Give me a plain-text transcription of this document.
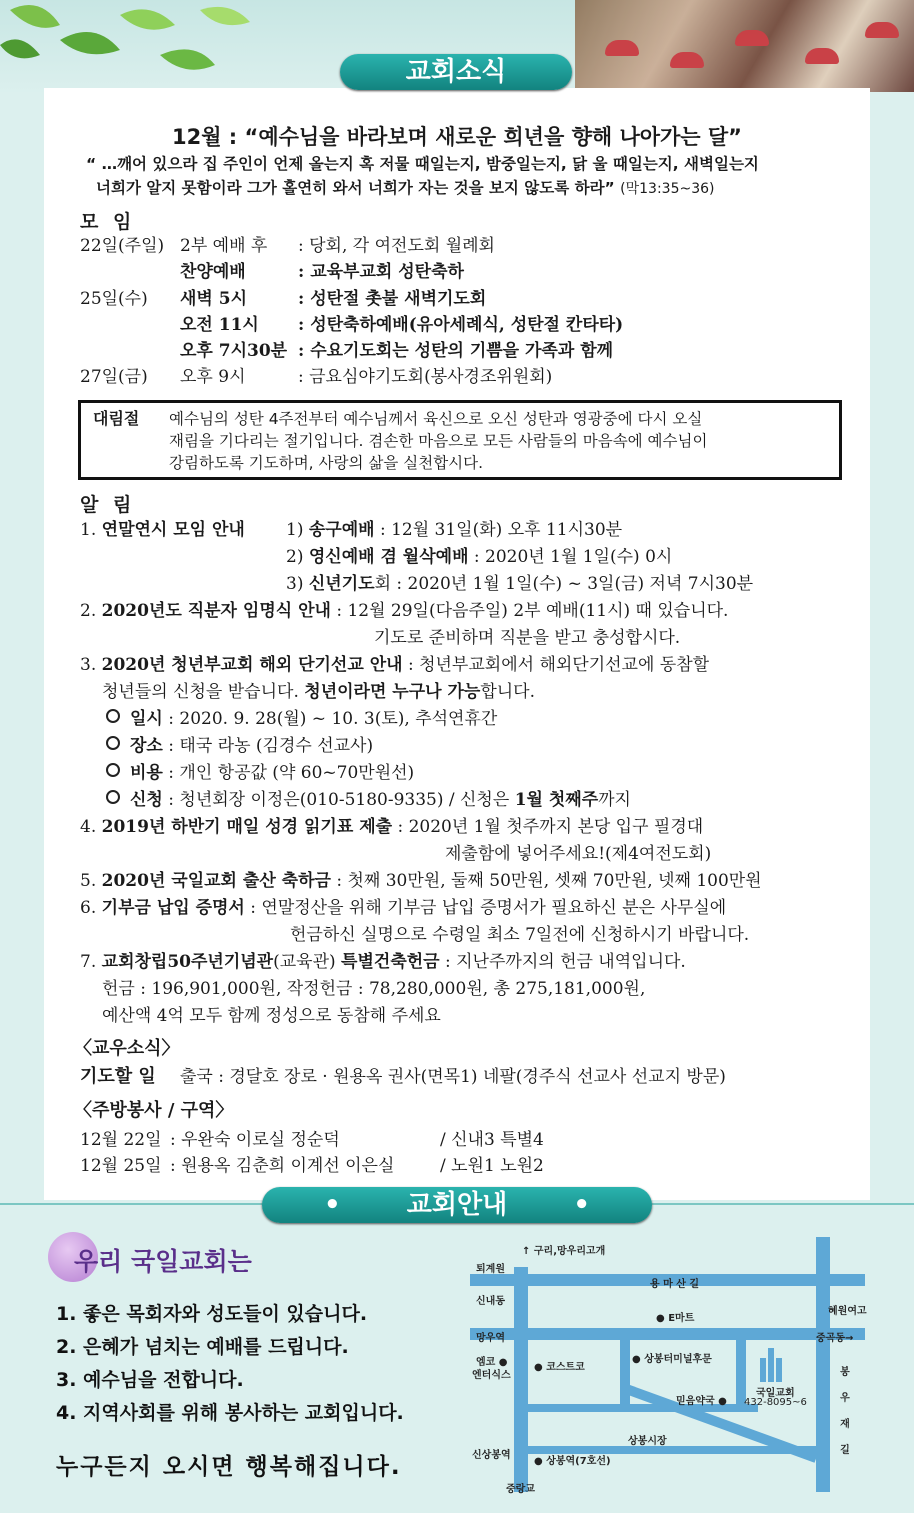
교회소식
12월 : “예수님을 바라보며 새로운 희년을 향해 나아가는 달”
“ …깨어 있으라 집 주인이 언제 올는지 혹 저물 때일는지, 밤중일는지, 닭 울 때일는지, 새벽일는지
너희가 알지 못함이라 그가 홀연히 와서 너희가 자는 것을 보지 않도록 하라” (막13:35~36)
모 임
22일(주일) 2부 예배 후 : 당회, 각 여전도회 월례회
찬양예배	: 교육부교회 성탄축하
25일(수) 새벽 5시	: 성탄절 촛불 새벽기도회
오전 11시 : 성탄축하예배(유아세례식, 성탄절 칸타타)
오후 7시30분 : 수요기도회는 성탄의 기쁨을 가족과 함께
27일(금) 오후 9시	: 금요심야기도회(봉사경조위원회)
대림절 예수님의 성탄 4주전부터 예수님께서 육신으로 오신 성탄과 영광중에 다시 오실
재림을 기다리는 절기입니다. 겸손한 마음으로 모든 사람들의 마음속에 예수님이
강림하도록 기도하며, 사랑의 삶을 실천합시다.
알 림
1. 연말연시 모임 안내 1) 송구예배 : 12월 31일(화) 오후 11시30분
2) 영신예배 겸 월삭예배 : 2020년 1월 1일(수) 0시
3) 신년기도회 : 2020년 1월 1일(수) ~ 3일(금) 저녁 7시30분
2. 2020년도 직분자 임명식 안내 : 12월 29일(다음주일) 2부 예배(11시) 때 있습니다.
기도로 준비하며 직분을 받고 충성합시다.
3. 2020년 청년부교회 해외 단기선교 안내 : 청년부교회에서 해외단기선교에 동참할
청년들의 신청을 받습니다. 청년이라면 누구나 가능합니다.
일시 : 2020. 9. 28(월) ~ 10. 3(토), 추석연휴간
장소 : 태국 라농 (김경수 선교사)
비용 : 개인 항공값 (약 60~70만원선)
신청 : 청년회장 이정은(010-5180-9335) / 신청은 1월 첫째주까지
4. 2019년 하반기 매일 성경 읽기표 제출 : 2020년 1월 첫주까지 본당 입구 필경대
제출함에 넣어주세요!(제4여전도회)
5. 2020년 국일교회 출산 축하금 : 첫째 30만원, 둘째 50만원, 셋째 70만원, 넷째 100만원
6. 기부금 납입 증명서 : 연말정산을 위해 기부금 납입 증명서가 필요하신 분은 사무실에
헌금하신 실명으로 수령일 최소 7일전에 신청하시기 바랍니다.
7. 교회창립50주년기념관(교육관) 특별건축헌금 : 지난주까지의 헌금 내역입니다.
헌금 : 196,901,000원, 작정헌금 : 78,280,000원, 총 275,181,000원,
예산액 4억 모두 함께 정성으로 동참해 주세요
〈교우소식〉
기도할 일 출국 : 경달호 장로 · 원용옥 권사(면목1) 네팔(경주식 선교사 선교지 방문)
〈주방봉사 / 구역〉
12월 22일 : 우완숙 이로실 정순덕	/ 신내3 특별4
12월 25일 : 원용옥 김춘희 이계선 이은실	/ 노원1 노원2
•	교회안내	•
우리 국일교회는
1. 좋은 목회자와 성도들이 있습니다.
2. 은혜가 넘치는 예배를 드립니다.
3. 예수님을 전합니다.
4. 지역사회를 위해 봉사하는 교회입니다.
누구든지 오시면 행복해집니다.
↑ 구리,망우리고개
퇴계원
용 마 산 길
신내동
● E마트
혜원여고
망우역	중곡동→
엠코 ●
엔터식스
● 코스트코
● 상봉터미널후문
믿음약국 ●
상봉시장
신상봉역
● 상봉역(7호선)
중랑교
봉 우 재 길
국일교회
432-8095~6
